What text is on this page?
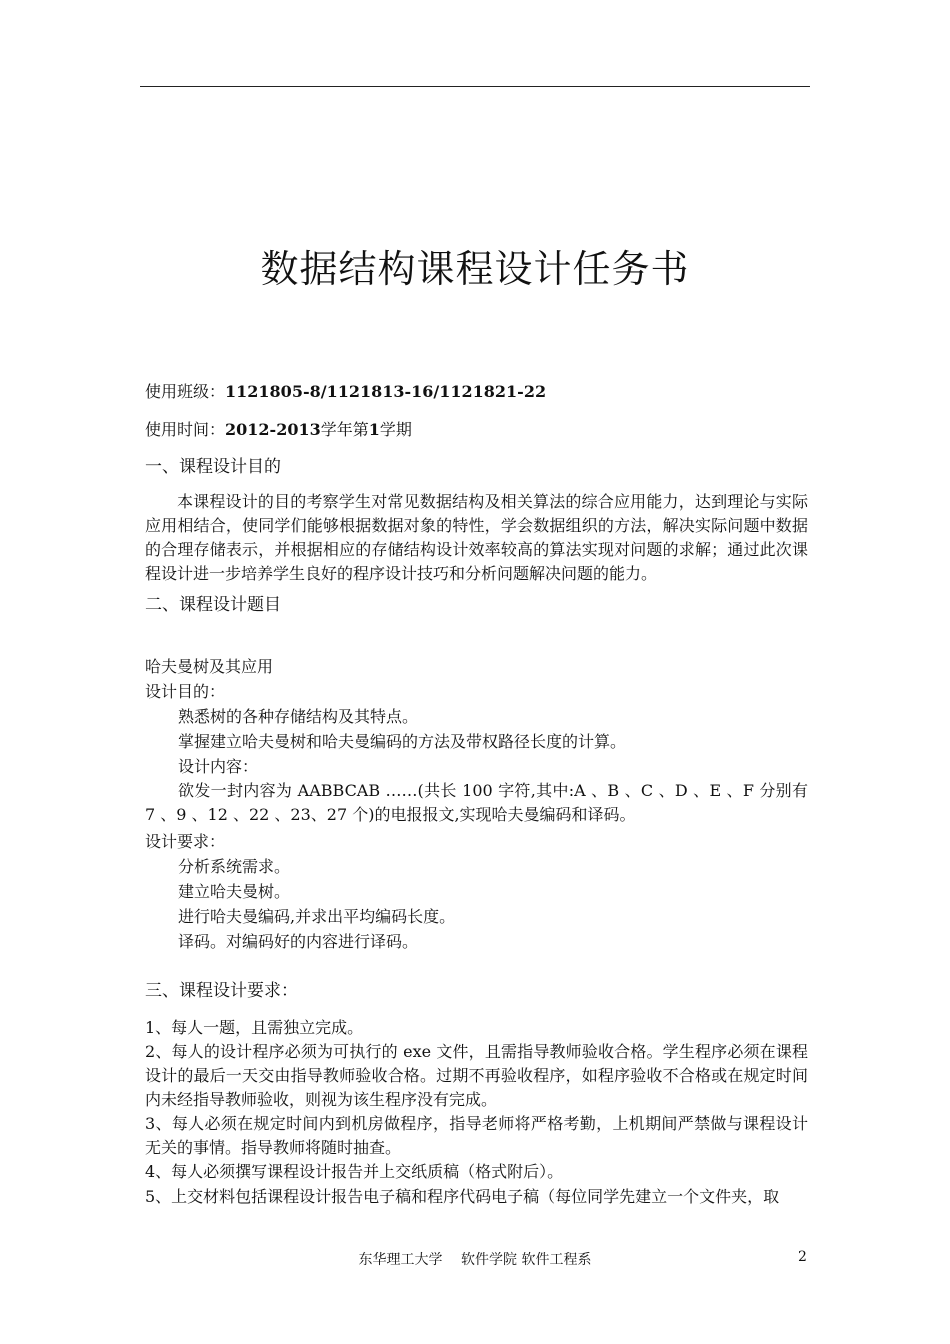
数据结构课程设计任务书
使用班级：1121805-8/1121813-16/1121821-22
使用时间：2012-2013学年第1学期
一、课程设计目的
本课程设计的目的考察学生对常见数据结构及相关算法的综合应用能力，达到理论与实际应用相结合，使同学们能够根据数据对象的特性，学会数据组织的方法，解决实际问题中数据的合理存储表示，并根据相应的存储结构设计效率较高的算法实现对问题的求解；通过此次课程设计进一步培养学生良好的程序设计技巧和分析问题解决问题的能力。
二、课程设计题目
哈夫曼树及其应用
设计目的：
熟悉树的各种存储结构及其特点。
掌握建立哈夫曼树和哈夫曼编码的方法及带权路径长度的计算。
设计内容：
欲发一封内容为 AABBCAB ……(共长 100 字符,其中:A 、B 、C 、D 、E 、F 分别有 7 、9 、12 、22 、23、27 个)的电报报文,实现哈夫曼编码和译码。
设计要求：
分析系统需求。
建立哈夫曼树。
进行哈夫曼编码,并求出平均编码长度。
译码。对编码好的内容进行译码。
三、课程设计要求：
1、每人一题，且需独立完成。
2、每人的设计程序必须为可执行的 exe 文件，且需指导教师验收合格。学生程序必须在课程设计的最后一天交由指导教师验收合格。过期不再验收程序，如程序验收不合格或在规定时间内未经指导教师验收，则视为该生程序没有完成。
3、每人必须在规定时间内到机房做程序，指导老师将严格考勤，上机期间严禁做与课程设计无关的事情。指导教师将随时抽查。
4、每人必须撰写课程设计报告并上交纸质稿（格式附后）。
5、上交材料包括课程设计报告电子稿和程序代码电子稿（每位同学先建立一个文件夹，取
东华理工大学　 软件学院 软件工程系	2
